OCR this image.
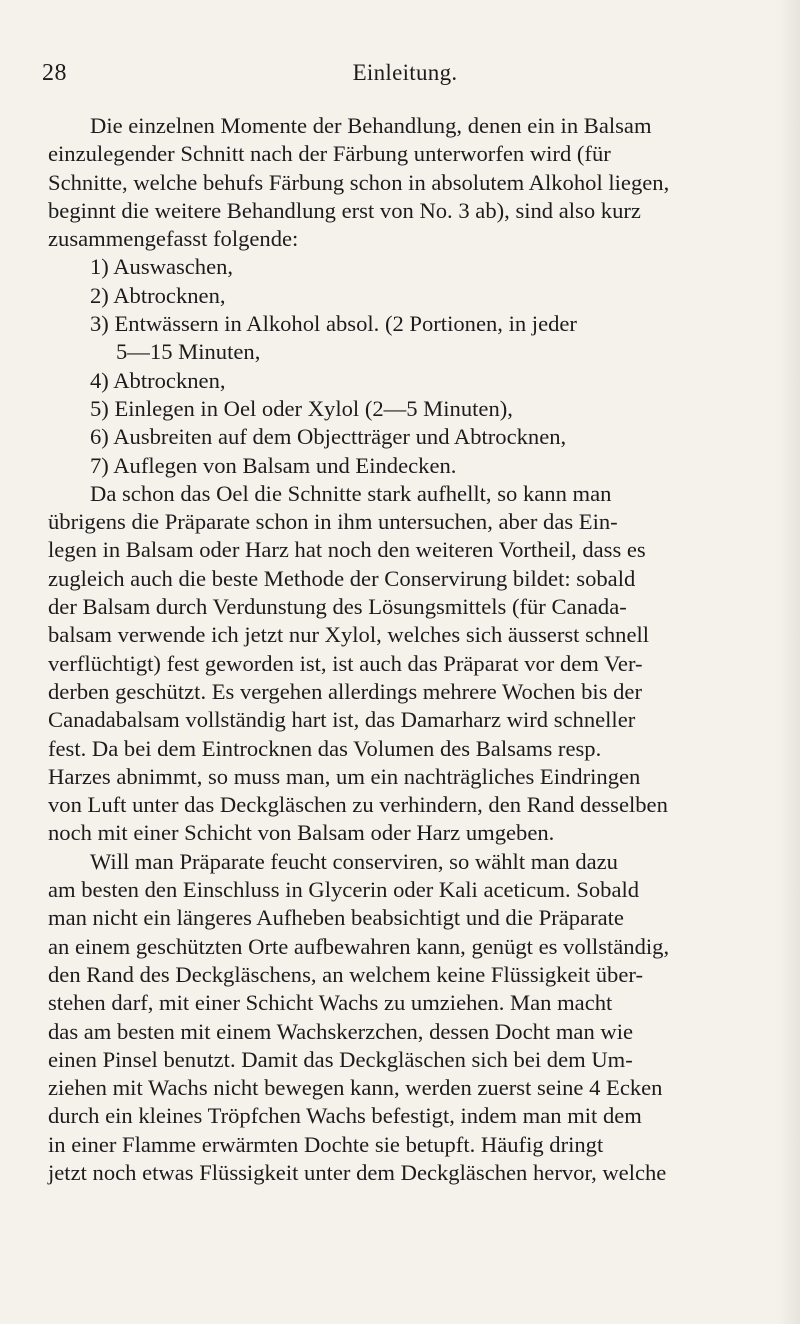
28	Einleitung.
Die einzelnen Momente der Behandlung, denen ein in Balsam
einzulegender Schnitt nach der Färbung unterworfen wird (für
Schnitte, welche behufs Färbung schon in absolutem Alkohol liegen,
beginnt die weitere Behandlung erst von No. 3 ab), sind also kurz
zusammengefasst folgende:
1) Auswaschen,
2) Abtrocknen,
3) Entwässern in Alkohol absol. (2 Portionen, in jeder
5—15 Minuten,
4) Abtrocknen,
5) Einlegen in Oel oder Xylol (2—5 Minuten),
6) Ausbreiten auf dem Objectträger und Abtrocknen,
7) Auflegen von Balsam und Eindecken.
Da schon das Oel die Schnitte stark aufhellt, so kann man
übrigens die Präparate schon in ihm untersuchen, aber das Ein-
legen in Balsam oder Harz hat noch den weiteren Vortheil, dass es
zugleich auch die beste Methode der Conservirung bildet: sobald
der Balsam durch Verdunstung des Lösungsmittels (für Canada-
balsam verwende ich jetzt nur Xylol, welches sich äusserst schnell
verflüchtigt) fest geworden ist, ist auch das Präparat vor dem Ver-
derben geschützt. Es vergehen allerdings mehrere Wochen bis der
Canadabalsam vollständig hart ist, das Damarharz wird schneller
fest. Da bei dem Eintrocknen das Volumen des Balsams resp.
Harzes abnimmt, so muss man, um ein nachträgliches Eindringen
von Luft unter das Deckgläschen zu verhindern, den Rand desselben
noch mit einer Schicht von Balsam oder Harz umgeben.
Will man Präparate feucht conserviren, so wählt man dazu
am besten den Einschluss in Glycerin oder Kali aceticum. Sobald
man nicht ein längeres Aufheben beabsichtigt und die Präparate
an einem geschützten Orte aufbewahren kann, genügt es vollständig,
den Rand des Deckgläschens, an welchem keine Flüssigkeit über-
stehen darf, mit einer Schicht Wachs zu umziehen. Man macht
das am besten mit einem Wachskerzchen, dessen Docht man wie
einen Pinsel benutzt. Damit das Deckgläschen sich bei dem Um-
ziehen mit Wachs nicht bewegen kann, werden zuerst seine 4 Ecken
durch ein kleines Tröpfchen Wachs befestigt, indem man mit dem
in einer Flamme erwärmten Dochte sie betupft. Häufig dringt
jetzt noch etwas Flüssigkeit unter dem Deckgläschen hervor, welche
